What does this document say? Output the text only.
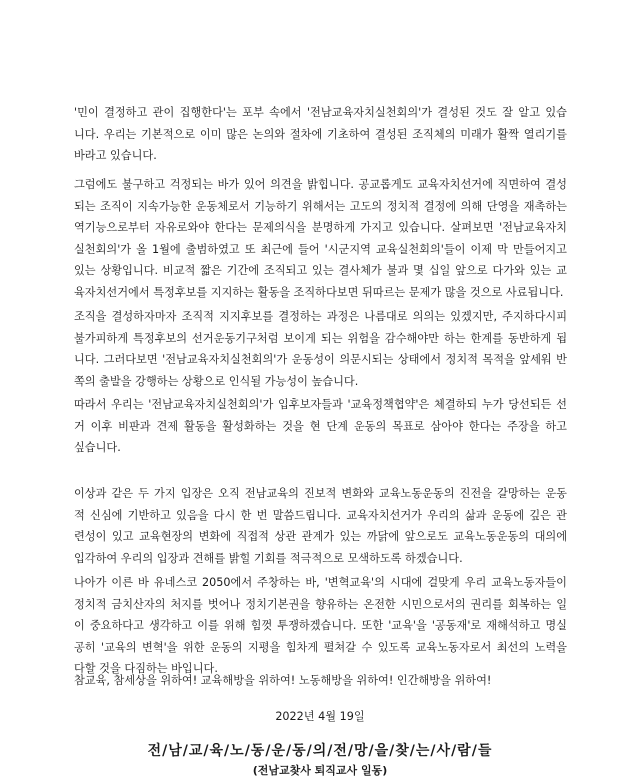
'민이 결정하고 관이 집행한다'는 포부 속에서 '전남교육자치실천회의'가 결성된 것도 잘 알고 있습
니다. 우리는 기본적으로 이미 많은 논의와 절차에 기초하여 결성된 조직체의 미래가 활짝 열리기를
바라고 있습니다.
그럼에도 불구하고 걱정되는 바가 있어 의견을 밝힙니다. 공교롭게도 교육자치선거에 직면하여 결성
되는 조직이 지속가능한 운동체로서 기능하기 위해서는 고도의 정치적 결정에 의해 단영을 재촉하는
역기능으로부터 자유로와야 한다는 문제의식을 분명하게 가지고 있습니다. 살펴보면 '전남교육자치
실천회의'가 올 1월에 출범하였고 또 최근에 들어 '시군지역 교육실천회의'들이 이제 막 만들어지고
있는 상황입니다. 비교적 짧은 기간에 조직되고 있는 결사체가 불과 몇 십일 앞으로 다가와 있는 교
육자치선거에서 특정후보를 지지하는 활동을 조직하다보면 뒤따르는 문제가 많을 것으로 사료됩니다.
조직을 결성하자마자 조직적 지지후보를 결정하는 과정은 나름대로 의의는 있겠지만, 주지하다시피
불가피하게 특정후보의 선거운동기구처럼 보이게 되는 위험을 감수해야만 하는 한계를 동반하게 됩
니다. 그러다보면 '전남교육자치실천회의'가 운동성이 의문시되는 상태에서 정치적 목적을 앞세워 반
쪽의 출발을 강행하는 상황으로 인식될 가능성이 높습니다.
따라서 우리는 '전남교육자치실천회의'가 입후보자들과 '교육정책협약'은 체결하되 누가 당선되든 선
거 이후 비판과 견제 활동을 활성화하는 것을 현 단계 운동의 목표로 삼아야 한다는 주장을 하고
싶습니다.
이상과 같은 두 가지 입장은 오직 전남교육의 진보적 변화와 교육노동운동의 진전을 갈망하는 운동
적 신심에 기반하고 있음을 다시 한 번 말씀드립니다. 교육자치선거가 우리의 삶과 운동에 깊은 관
련성이 있고 교육현장의 변화에 직접적 상관 관계가 있는 까닭에 앞으로도 교육노동운동의 대의에
입각하여 우리의 입장과 견해를 밝힐 기회를 적극적으로 모색하도록 하겠습니다.
나아가 이른 바 유네스코 2050에서 주창하는 바, '변혁교육'의 시대에 걸맞게 우리 교육노동자들이
정치적 금치산자의 처지를 벗어나 정치기본권을 향유하는 온전한 시민으로서의 권리를 회복하는 일
이 중요하다고 생각하고 이를 위해 힘껏 투쟁하겠습니다. 또한 '교육'을 '공동재'로 재해석하고 명실
공히 '교육의 변혁'을 위한 운동의 지평을 힘차게 펼쳐갈 수 있도록 교육노동자로서 최선의 노력을
다할 것을 다짐하는 바입니다.

참교육, 참세상을 위하여! 교육해방을 위하여! 노동해방을 위하여! 인간해방을 위하여!

2022년 4월 19일

전/남/교/육/노/동/운/동/의/전/망/을/찾/는/사/람/들

(전남교찾사 퇴직교사 일동)
